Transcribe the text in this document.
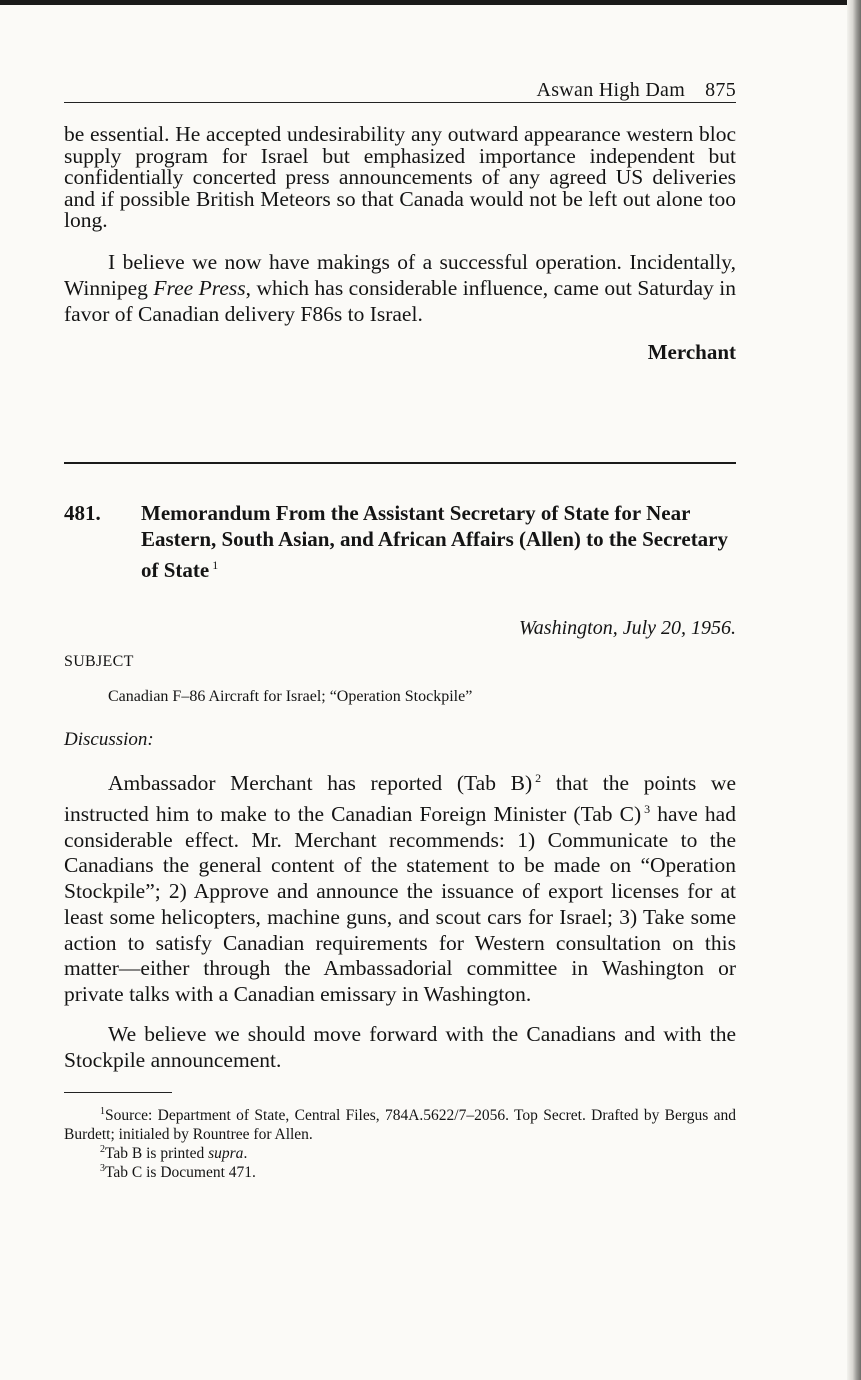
Aswan High Dam 875

be essential. He accepted undesirability any outward appearance western bloc supply program for Israel but emphasized importance independent but confidentially concerted press announcements of any agreed US deliveries and if possible British Meteors so that Canada would not be left out alone too long.

I believe we now have makings of a successful operation. Incidentally, Winnipeg Free Press, which has considerable influence, came out Saturday in favor of Canadian delivery F86s to Israel.

Merchant

481. Memorandum From the Assistant Secretary of State for Near Eastern, South Asian, and African Affairs (Allen) to the Secretary of State $^1$
Washington, July 20, 1956.
SUBJECT
Canadian F–86 Aircraft for Israel; “Operation Stockpile”
Discussion:

Ambassador Merchant has reported (Tab B) $^2$ that the points we instructed him to make to the Canadian Foreign Minister (Tab C) $^3$ have had considerable effect. Mr. Merchant recommends: 1) Communicate to the Canadians the general content of the statement to be made on “Operation Stockpile”; 2) Approve and announce the issuance of export licenses for at least some helicopters, machine guns, and scout cars for Israel; 3) Take some action to satisfy Canadian requirements for Western consultation on this matter—either through the Ambassadorial committee in Washington or private talks with a Canadian emissary in Washington.

We believe we should move forward with the Canadians and with the Stockpile announcement.

$^1$Source: Department of State, Central Files, 784A.5622/7–2056. Top Secret. Drafted by Bergus and Burdett; initialed by Rountree for Allen.
$^2$Tab B is printed supra.
$^3$Tab C is Document 471.
